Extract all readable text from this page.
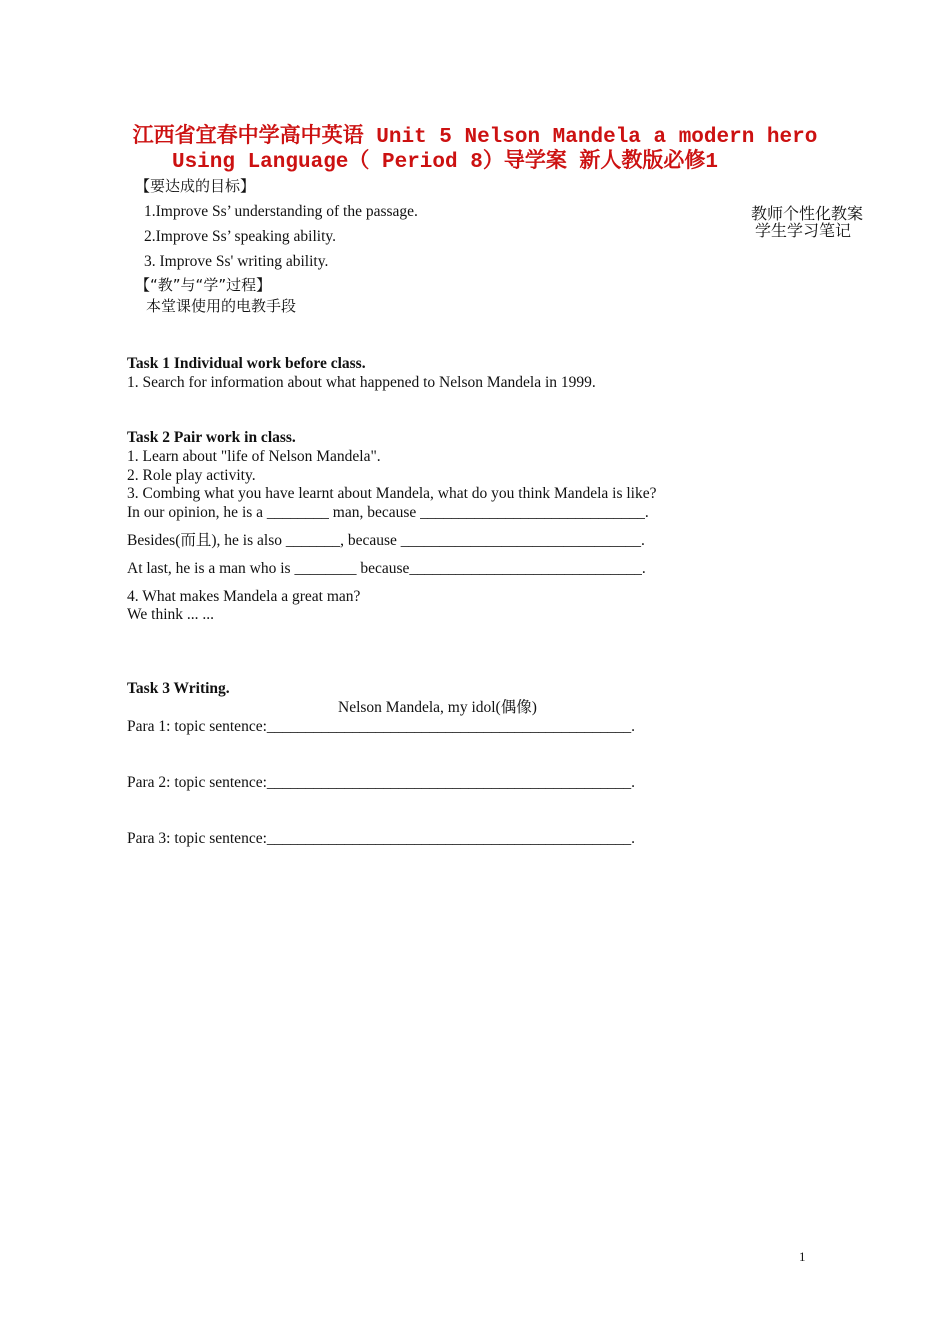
江西省宜春中学高中英语 Unit 5 Nelson Mandela a modern hero
Using Language（ Period 8）导学案 新人教版必修1
教师个性化教案
学生学习笔记
【要达成的目标】
1.Improve Ss’ understanding of the passage.
2.Improve Ss’ speaking ability.
3. Improve Ss' writing ability.
【“教”与“学”过程】
本堂课使用的电教手段
Task 1 Individual work before class.
1. Search for information about what happened to Nelson Mandela in 1999.
Task 2 Pair work in class.
1. Learn about "life of Nelson Mandela".
2. Role play activity.
3. Combing what you have learnt about Mandela, what do you think Mandela is like?
In our opinion, he is a ________ man, because _____________________________.
Besides(而且), he is also _______, because _______________________________.
At last, he is a man who is ________ because______________________________.
4. What makes Mandela a great man?
We think ... ...
Task 3 Writing.
Nelson Mandela, my idol(偶像)
Para 1: topic sentence:_______________________________________________.
Para 2: topic sentence:_______________________________________________.
Para 3: topic sentence:_______________________________________________.
1
